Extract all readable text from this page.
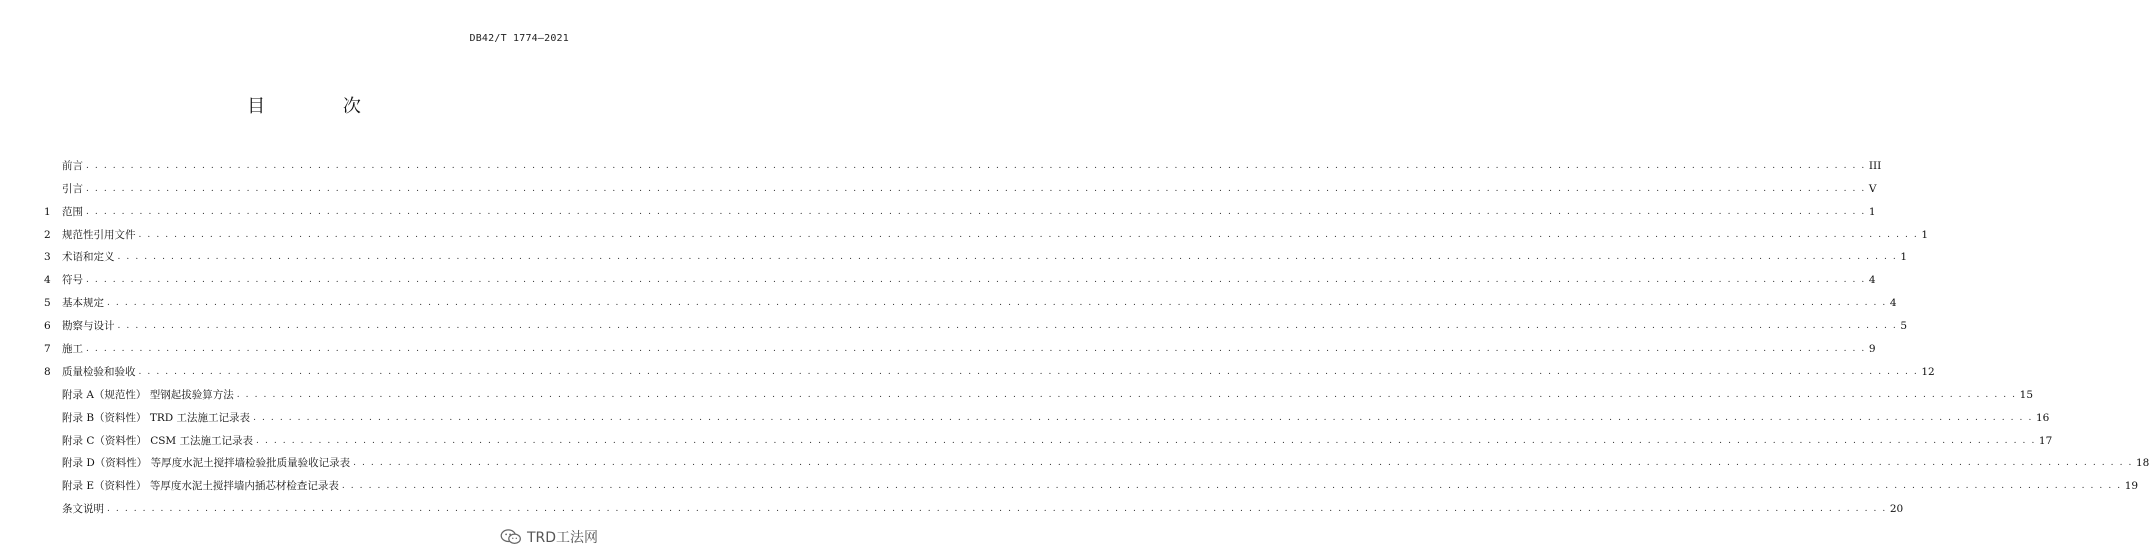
DB42/T 1774—2021
目 次
前言 . . . . . . . . . . . . . . . . . . . . . . . . . . . . . . . . . . . . . . . . . . . . . . . . . . . . . . . . . . . . . . . . . . . . . . . . . . . . . . . . . . . . . . . . . . . . . . . . . . . . . . . . . . . . . . . . . . . . . . . . . . . . . . . . . . . . . . . . . . . . . . . . . . . . . . . . . . . . . . . . . . . . . . . . . . . . . . . . . . . . . . . . . . . . . . . . . . . . . . . . III
引言 . . . . . . . . . . . . . . . . . . . . . . . . . . . . . . . . . . . . . . . . . . . . . . . . . . . . . . . . . . . . . . . . . . . . . . . . . . . . . . . . . . . . . . . . . . . . . . . . . . . . . . . . . . . . . . . . . . . . . . . . . . . . . . . . . . . . . . . . . . . . . . . . . . . . . . . . . . . . . . . . . . . . . . . . . . . . . . . . . . . . . . . . . . . . . . . . . . . . . . . . V
1	范围 . . . . . . . . . . . . . . . . . . . . . . . . . . . . . . . . . . . . . . . . . . . . . . . . . . . . . . . . . . . . . . . . . . . . . . . . . . . . . . . . . . . . . . . . . . . . . . . . . . . . . . . . . . . . . . . . . . . . . . . . . . . . . . . . . . . . . . . . . . . . . . . . . . . . . . . . . . . . . . . . . . . . . . . . . . . . . . . . . . . . . . . . . . . . . . . . . . . . . . . . 1
2	规范性引用文件 . . . . . . . . . . . . . . . . . . . . . . . . . . . . . . . . . . . . . . . . . . . . . . . . . . . . . . . . . . . . . . . . . . . . . . . . . . . . . . . . . . . . . . . . . . . . . . . . . . . . . . . . . . . . . . . . . . . . . . . . . . . . . . . . . . . . . . . . . . . . . . . . . . . . . . . . . . . . . . . . . . . . . . . . . . . . . . . . . . . . . . . . . . . . . . . . . . . . . . . . 1
3	术语和定义 . . . . . . . . . . . . . . . . . . . . . . . . . . . . . . . . . . . . . . . . . . . . . . . . . . . . . . . . . . . . . . . . . . . . . . . . . . . . . . . . . . . . . . . . . . . . . . . . . . . . . . . . . . . . . . . . . . . . . . . . . . . . . . . . . . . . . . . . . . . . . . . . . . . . . . . . . . . . . . . . . . . . . . . . . . . . . . . . . . . . . . . . . . . . . . . . . . . . . . . . 1
4	符号 . . . . . . . . . . . . . . . . . . . . . . . . . . . . . . . . . . . . . . . . . . . . . . . . . . . . . . . . . . . . . . . . . . . . . . . . . . . . . . . . . . . . . . . . . . . . . . . . . . . . . . . . . . . . . . . . . . . . . . . . . . . . . . . . . . . . . . . . . . . . . . . . . . . . . . . . . . . . . . . . . . . . . . . . . . . . . . . . . . . . . . . . . . . . . . . . . . . . . . . . 4
5	基本规定 . . . . . . . . . . . . . . . . . . . . . . . . . . . . . . . . . . . . . . . . . . . . . . . . . . . . . . . . . . . . . . . . . . . . . . . . . . . . . . . . . . . . . . . . . . . . . . . . . . . . . . . . . . . . . . . . . . . . . . . . . . . . . . . . . . . . . . . . . . . . . . . . . . . . . . . . . . . . . . . . . . . . . . . . . . . . . . . . . . . . . . . . . . . . . . . . . . . . . . . . 4
6	勘察与设计 . . . . . . . . . . . . . . . . . . . . . . . . . . . . . . . . . . . . . . . . . . . . . . . . . . . . . . . . . . . . . . . . . . . . . . . . . . . . . . . . . . . . . . . . . . . . . . . . . . . . . . . . . . . . . . . . . . . . . . . . . . . . . . . . . . . . . . . . . . . . . . . . . . . . . . . . . . . . . . . . . . . . . . . . . . . . . . . . . . . . . . . . . . . . . . . . . . . . . . . . 5
7	施工 . . . . . . . . . . . . . . . . . . . . . . . . . . . . . . . . . . . . . . . . . . . . . . . . . . . . . . . . . . . . . . . . . . . . . . . . . . . . . . . . . . . . . . . . . . . . . . . . . . . . . . . . . . . . . . . . . . . . . . . . . . . . . . . . . . . . . . . . . . . . . . . . . . . . . . . . . . . . . . . . . . . . . . . . . . . . . . . . . . . . . . . . . . . . . . . . . . . . . . . . 9
8	质量检验和验收 . . . . . . . . . . . . . . . . . . . . . . . . . . . . . . . . . . . . . . . . . . . . . . . . . . . . . . . . . . . . . . . . . . . . . . . . . . . . . . . . . . . . . . . . . . . . . . . . . . . . . . . . . . . . . . . . . . . . . . . . . . . . . . . . . . . . . . . . . . . . . . . . . . . . . . . . . . . . . . . . . . . . . . . . . . . . . . . . . . . . . . . . . . . . . . . . . . . . . . . . 12
附录 A（规范性） 型钢起拔验算方法 . . . . . . . . . . . . . . . . . . . . . . . . . . . . . . . . . . . . . . . . . . . . . . . . . . . . . . . . . . . . . . . . . . . . . . . . . . . . . . . . . . . . . . . . . . . . . . . . . . . . . . . . . . . . . . . . . . . . . . . . . . . . . . . . . . . . . . . . . . . . . . . . . . . . . . . . . . . . . . . . . . . . . . . . . . . . . . . . . . . . . . . . . . . . . . . . . . . . . . . . 15
附录 B（资料性） TRD 工法施工记录表 . . . . . . . . . . . . . . . . . . . . . . . . . . . . . . . . . . . . . . . . . . . . . . . . . . . . . . . . . . . . . . . . . . . . . . . . . . . . . . . . . . . . . . . . . . . . . . . . . . . . . . . . . . . . . . . . . . . . . . . . . . . . . . . . . . . . . . . . . . . . . . . . . . . . . . . . . . . . . . . . . . . . . . . . . . . . . . . . . . . . . . . . . . . . . . . . . . . . . . . . 16
附录 C（资料性） CSM 工法施工记录表 . . . . . . . . . . . . . . . . . . . . . . . . . . . . . . . . . . . . . . . . . . . . . . . . . . . . . . . . . . . . . . . . . . . . . . . . . . . . . . . . . . . . . . . . . . . . . . . . . . . . . . . . . . . . . . . . . . . . . . . . . . . . . . . . . . . . . . . . . . . . . . . . . . . . . . . . . . . . . . . . . . . . . . . . . . . . . . . . . . . . . . . . . . . . . . . . . . . . . . . . 17
附录 D（资料性） 等厚度水泥土搅拌墙检验批质量验收记录表 . . . . . . . . . . . . . . . . . . . . . . . . . . . . . . . . . . . . . . . . . . . . . . . . . . . . . . . . . . . . . . . . . . . . . . . . . . . . . . . . . . . . . . . . . . . . . . . . . . . . . . . . . . . . . . . . . . . . . . . . . . . . . . . . . . . . . . . . . . . . . . . . . . . . . . . . . . . . . . . . . . . . . . . . . . . . . . . . . . . . . . . . . . . . . . . . . . . . . . . . 18
附录 E（资料性） 等厚度水泥土搅拌墙内插芯材检查记录表 . . . . . . . . . . . . . . . . . . . . . . . . . . . . . . . . . . . . . . . . . . . . . . . . . . . . . . . . . . . . . . . . . . . . . . . . . . . . . . . . . . . . . . . . . . . . . . . . . . . . . . . . . . . . . . . . . . . . . . . . . . . . . . . . . . . . . . . . . . . . . . . . . . . . . . . . . . . . . . . . . . . . . . . . . . . . . . . . . . . . . . . . . . . . . . . . . . . . . . . . 19
条文说明 . . . . . . . . . . . . . . . . . . . . . . . . . . . . . . . . . . . . . . . . . . . . . . . . . . . . . . . . . . . . . . . . . . . . . . . . . . . . . . . . . . . . . . . . . . . . . . . . . . . . . . . . . . . . . . . . . . . . . . . . . . . . . . . . . . . . . . . . . . . . . . . . . . . . . . . . . . . . . . . . . . . . . . . . . . . . . . . . . . . . . . . . . . . . . . . . . . . . . . . . 20
TRD工法网
